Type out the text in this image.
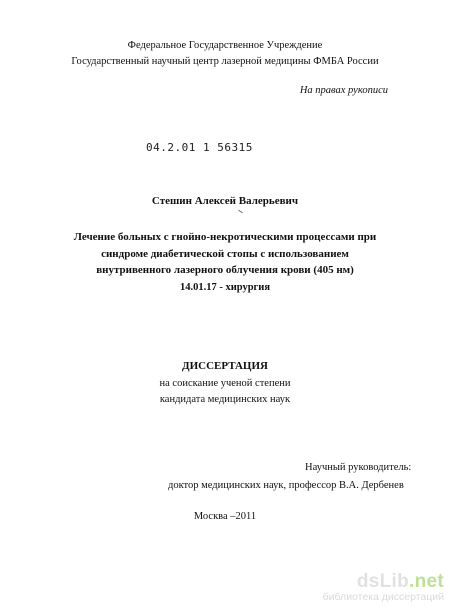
Федеральное Государственное Учреждение
Государственный научный центр лазерной медицины ФМБА России
На правах рукописи
04.2.01 1 56315
Стешин Алексей Валерьевич
Лечение больных с гнойно-некротическими процессами при
синдроме диабетической стопы с использованием
внутривенного лазерного облучения крови (405 нм)
14.01.17 - хирургия
ДИССЕРТАЦИЯ
на соискание ученой степени
кандидата медицинских наук
Научный руководитель:
доктор медицинских наук, профессор В.А. Дербенев
Москва –2011
dsLib.net
библиотека диссертаций
